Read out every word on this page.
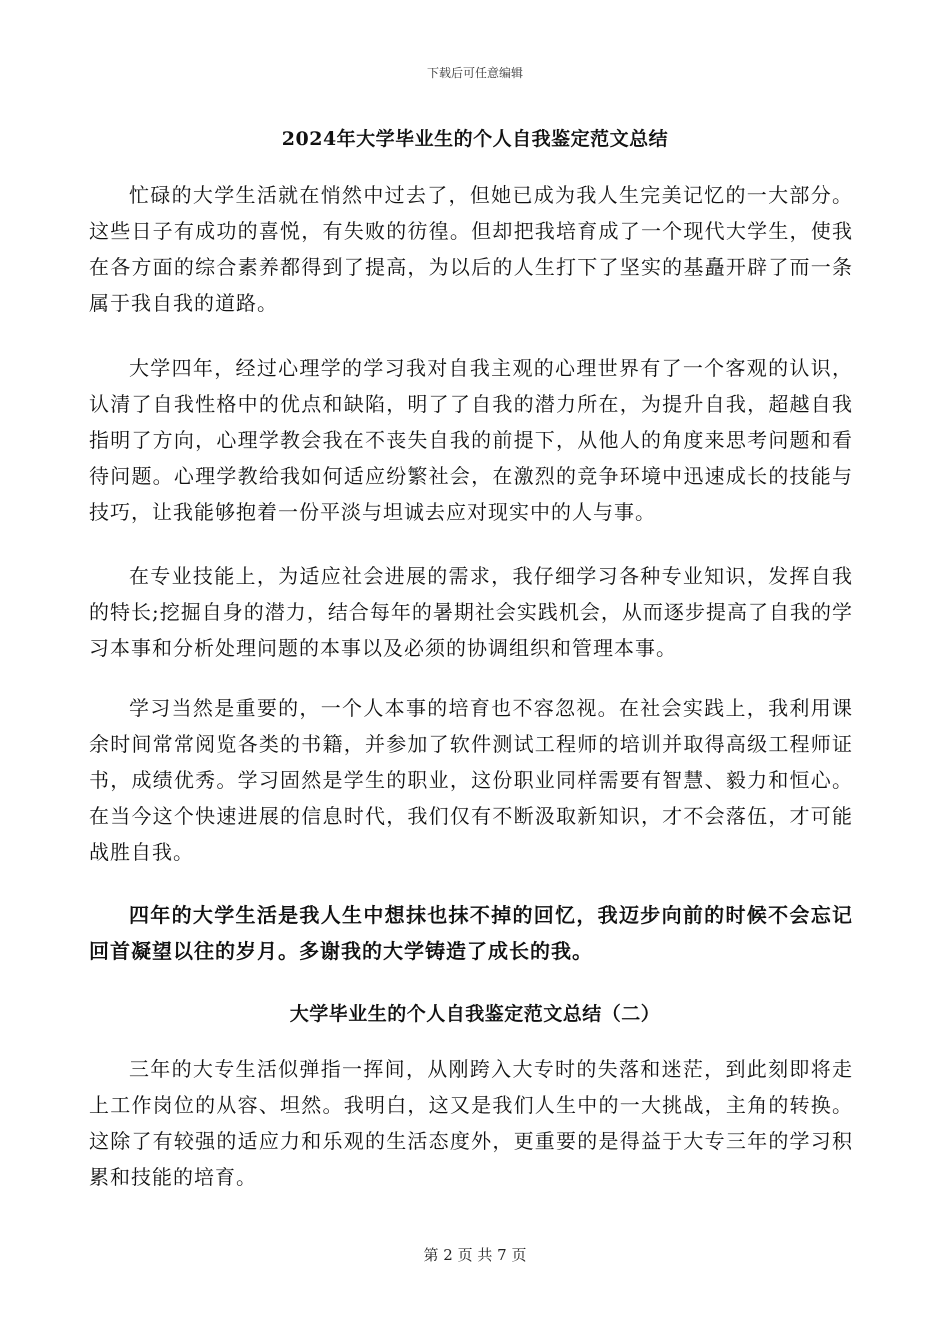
下载后可任意编辑
2024年大学毕业生的个人自我鉴定范文总结

忙碌的大学生活就在悄然中过去了，但她已成为我人生完美记忆的一大部分。这些日子有成功的喜悦，有失败的彷徨。但却把我培育成了一个现代大学生，使我在各方面的综合素养都得到了提高，为以后的人生打下了坚实的基矗开辟了而一条属于我自我的道路。

大学四年，经过心理学的学习我对自我主观的心理世界有了一个客观的认识，认清了自我性格中的优点和缺陷，明了了自我的潜力所在，为提升自我，超越自我指明了方向，心理学教会我在不丧失自我的前提下，从他人的角度来思考问题和看待问题。心理学教给我如何适应纷繁社会，在激烈的竞争环境中迅速成长的技能与技巧，让我能够抱着一份平淡与坦诚去应对现实中的人与事。

在专业技能上，为适应社会进展的需求，我仔细学习各种专业知识，发挥自我的特长;挖掘自身的潜力，结合每年的暑期社会实践机会，从而逐步提高了自我的学习本事和分析处理问题的本事以及必须的协调组织和管理本事。

学习当然是重要的，一个人本事的培育也不容忽视。在社会实践上，我利用课余时间常常阅览各类的书籍，并参加了软件测试工程师的培训并取得高级工程师证书，成绩优秀。学习固然是学生的职业，这份职业同样需要有智慧、毅力和恒心。在当今这个快速进展的信息时代，我们仅有不断汲取新知识，才不会落伍，才可能战胜自我。

四年的大学生活是我人生中想抹也抹不掉的回忆，我迈步向前的时候不会忘记回首凝望以往的岁月。多谢我的大学铸造了成长的我。

大学毕业生的个人自我鉴定范文总结（二）

三年的大专生活似弹指一挥间，从刚跨入大专时的失落和迷茫，到此刻即将走上工作岗位的从容、坦然。我明白，这又是我们人生中的一大挑战，主角的转换。这除了有较强的适应力和乐观的生活态度外，更重要的是得益于大专三年的学习积累和技能的培育。

第 2 页 共 7 页
